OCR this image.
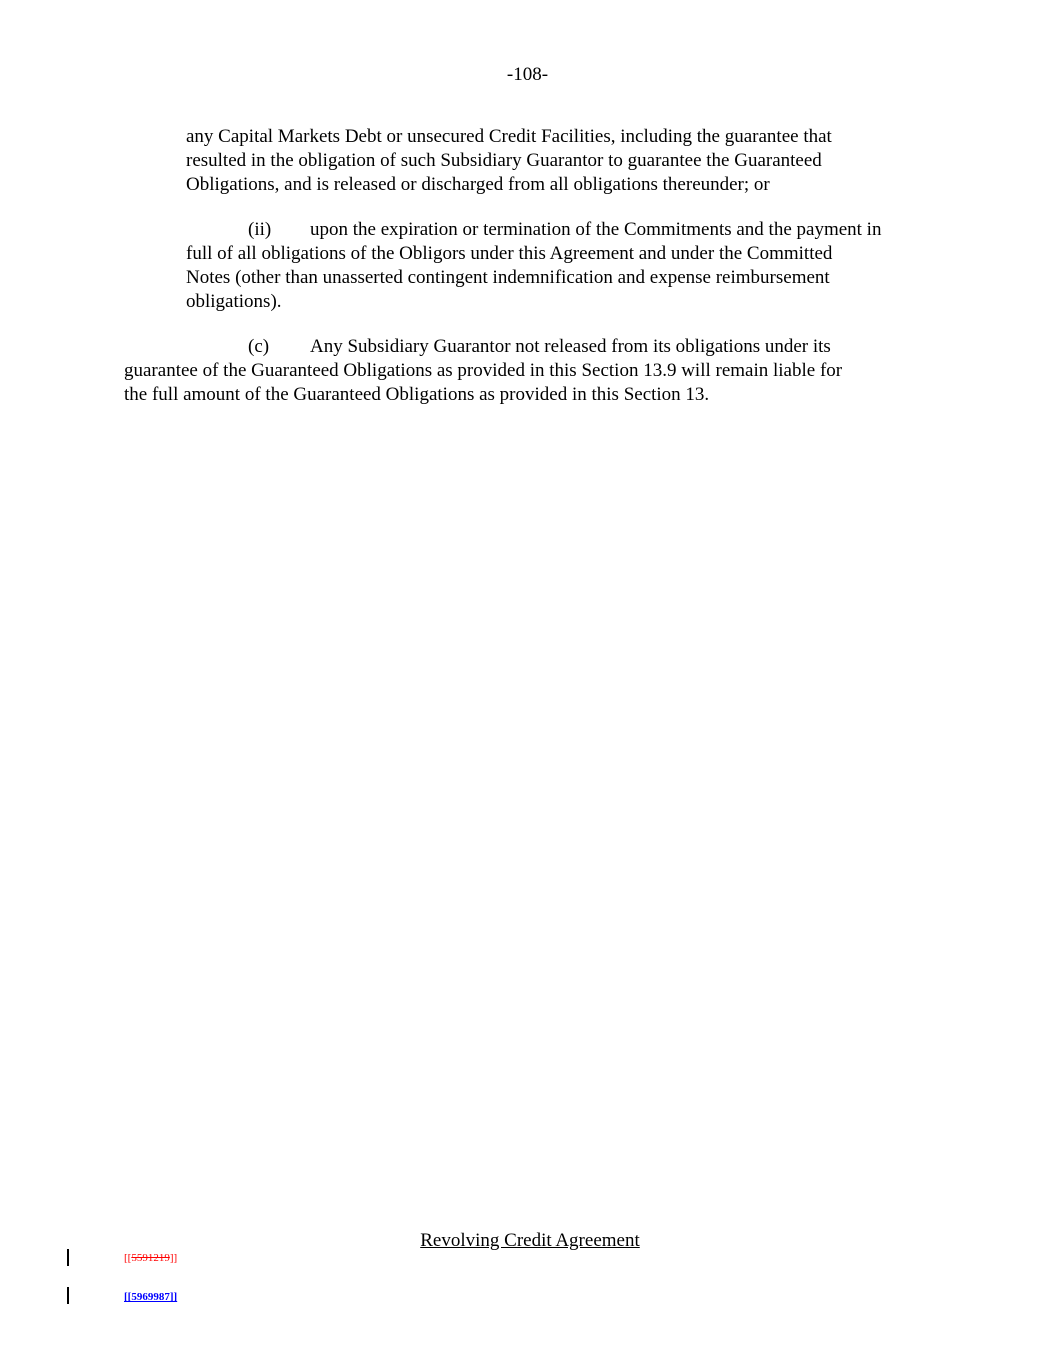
-108-
any Capital Markets Debt or unsecured Credit Facilities, including the guarantee that
resulted in the obligation of such Subsidiary Guarantor to guarantee the Guaranteed
Obligations, and is released or discharged from all obligations thereunder; or
(ii) upon the expiration or termination of the Commitments and the payment in
full of all obligations of the Obligors under this Agreement and under the Committed
Notes (other than unasserted contingent indemnification and expense reimbursement
obligations).
(c) Any Subsidiary Guarantor not released from its obligations under its
guarantee of the Guaranteed Obligations as provided in this Section 13.9 will remain liable for
the full amount of the Guaranteed Obligations as provided in this Section 13.
Revolving Credit Agreement
[[5591219]]
[[5969987]]
